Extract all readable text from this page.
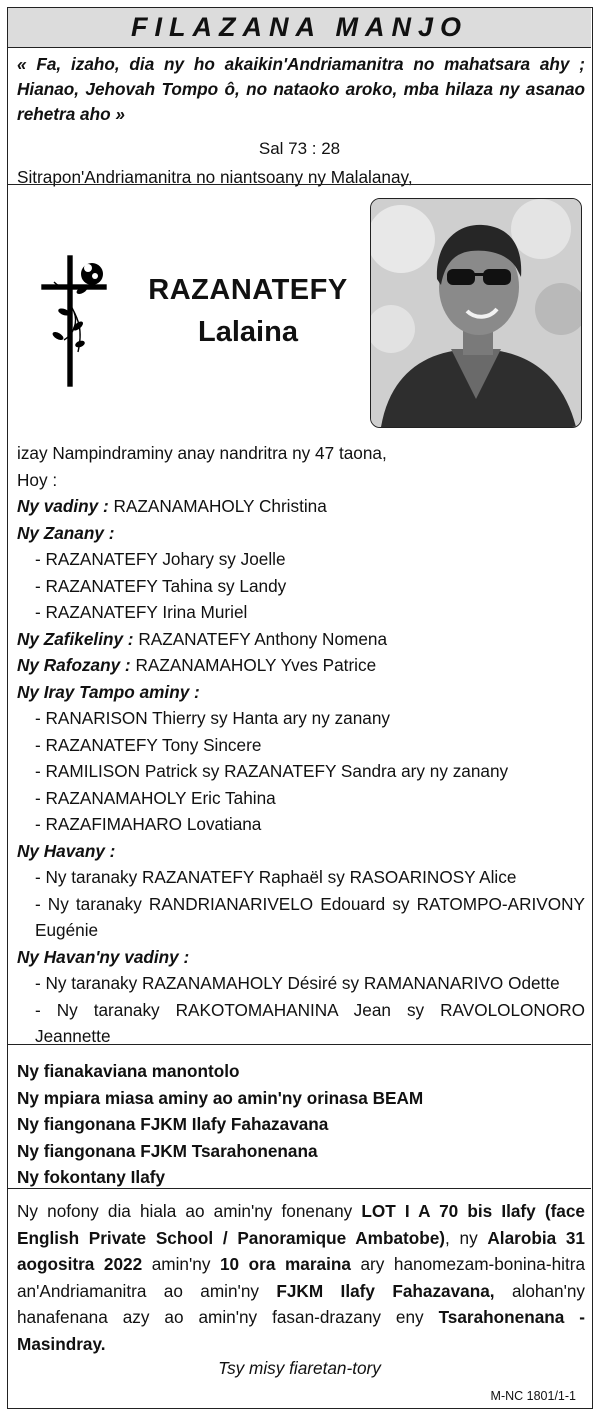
FILAZANA MANJO
« Fa, izaho, dia ny ho akaikin'Andriamanitra no mahatsara ahy ; Hianao, Jehovah Tompo ô, no nataoko aroko, mba hilaza ny asanao rehetra aho »
Sal 73 : 28
Sitrapon'Andriamanitra no niantsoany ny Malalanay,
RAZANATEFY
Lalaina
izay Nampindraminy anay nandritra ny 47 taona,
Hoy :
Ny vadiny : RAZANAMAHOLY Christina
Ny Zanany :
- RAZANATEFY Johary sy Joelle
- RAZANATEFY Tahina sy Landy
- RAZANATEFY Irina Muriel
Ny Zafikeliny : RAZANATEFY Anthony Nomena
Ny Rafozany : RAZANAMAHOLY Yves Patrice
Ny Iray Tampo aminy :
- RANARISON Thierry sy Hanta ary ny zanany
- RAZANATEFY Tony Sincere
- RAMILISON Patrick sy RAZANATEFY Sandra ary ny zanany
- RAZANAMAHOLY Eric Tahina
- RAZAFIMAHARO Lovatiana
Ny Havany :
- Ny taranaky RAZANATEFY Raphaël sy RASOARINOSY Alice
- Ny taranaky RANDRIANARIVELO Edouard sy RATOMPO-ARIVONY Eugénie
Ny Havan'ny vadiny :
- Ny taranaky RAZANAMAHOLY Désiré sy RAMANANARIVO Odette
- Ny taranaky RAKOTOMAHANINA Jean sy RAVOLOLONORO Jeannette
Ny fianakaviana manontolo
Ny mpiara miasa aminy ao amin'ny orinasa BEAM
Ny fiangonana FJKM Ilafy Fahazavana
Ny fiangonana FJKM Tsarahonenana
Ny fokontany Ilafy
Ny nofony dia hiala ao amin'ny fonenany LOT I A 70 bis Ilafy (face English Private School / Panoramique Ambatobe), ny Alarobia 31 aogositra 2022 amin'ny 10 ora maraina ary hanomezam-bonina-hitra an'Andriamanitra ao amin'ny FJKM Ilafy Fahazavana, alohan'ny hanafenana azy ao amin'ny fasan-drazany eny Tsarahonenana - Masindray.
Tsy misy fiaretan-tory
M-NC 1801/1-1
